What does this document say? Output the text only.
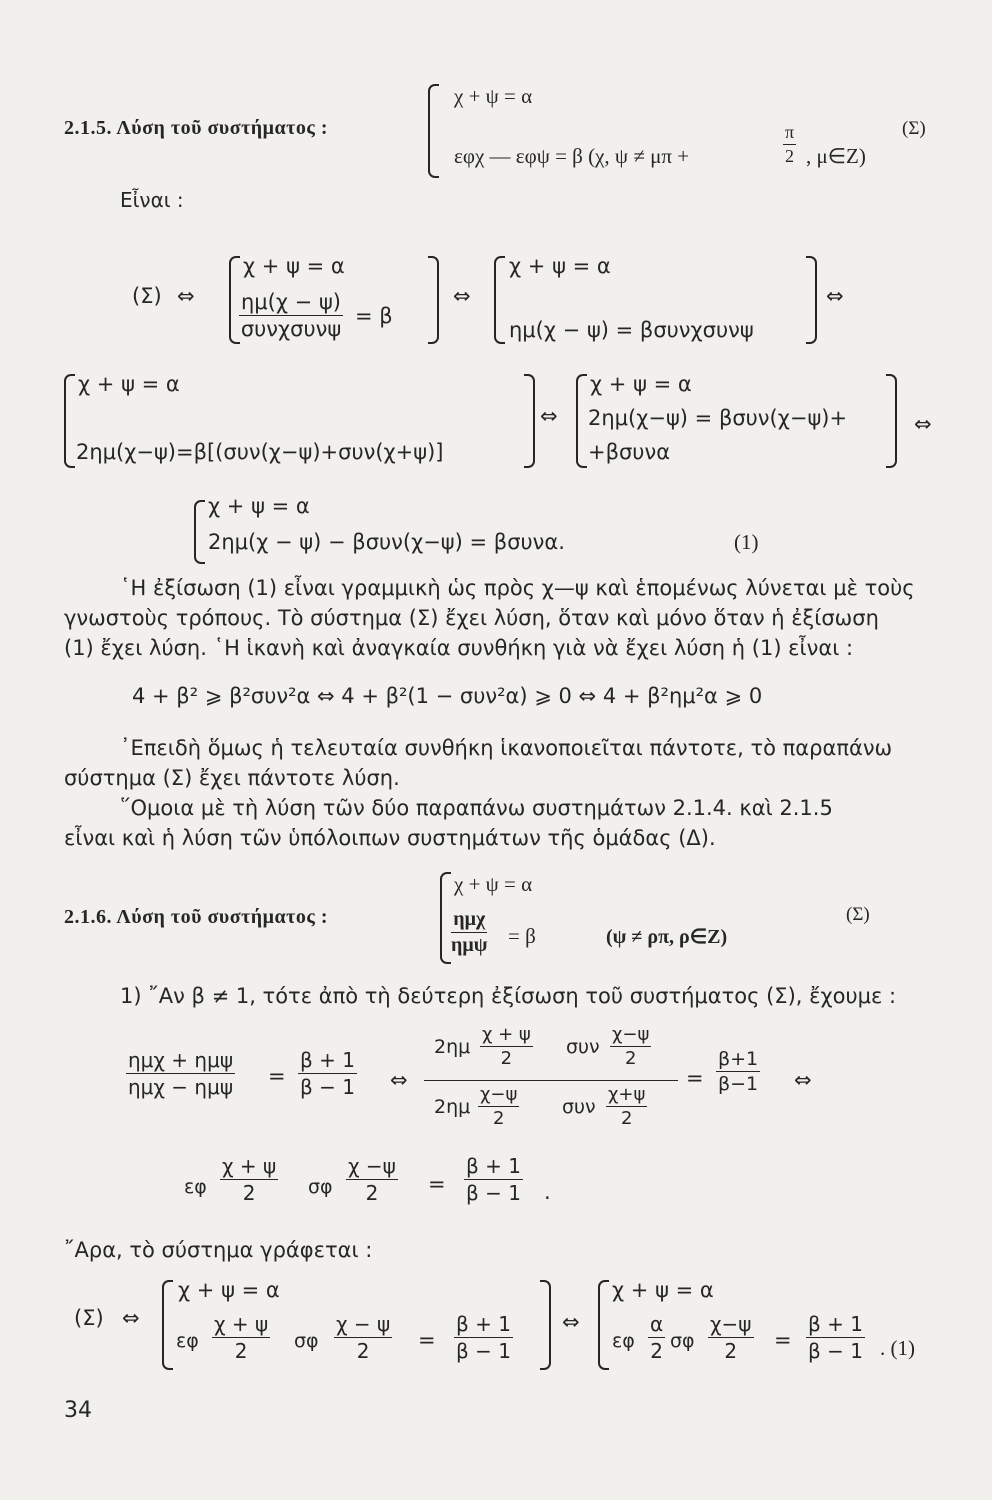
2.1.5. Λύση τοῦ συστήματος :
χ + ψ = α
εφχ — εφψ = β (χ, ψ ≠ μπ +	$\frac{\pi}{2}$ , μ∈Z)
(Σ)
Εἶναι :
(Σ) ⇔
χ + ψ = α
ημ(χ − ψ)
συνχσυνψ
= β
⇔
χ + ψ = α
ημ(χ − ψ) = βσυνχσυνψ
⇔
χ + ψ = α
2ημ(χ−ψ)=β[(συν(χ−ψ)+συν(χ+ψ)]
⇔
χ + ψ = α
2ημ(χ−ψ) = βσυν(χ−ψ)+
+βσυνα
⇔
χ + ψ = α
2ημ(χ − ψ) − βσυν(χ−ψ) = βσυνα.	(1)
῾Η ἐξίσωση (1) εἶναι γραμμικὴ ὡς πρὸς χ—ψ καὶ ἑπομένως λύνεται μὲ τοὺς
γνωστοὺς τρόπους. Τὸ σύστημα (Σ) ἔχει λύση, ὅταν καὶ μόνο ὅταν ἡ ἐξίσωση
(1) ἔχει λύση. ῾Η ἱκανὴ καὶ ἀναγκαία συνθήκη γιὰ νὰ ἔχει λύση ἡ (1) εἶναι :
4 + β² ⩾ β²συν²α ⇔ 4 + β²(1 − συν²α) ⩾ 0 ⇔ 4 + β²ημ²α ⩾ 0
᾿Επειδὴ ὅμως ἡ τελευταία συνθήκη ἱκανοποιεῖται πάντοτε, τὸ παραπάνω
σύστημα (Σ) ἔχει πάντοτε λύση.
῞Ομοια μὲ τὴ λύση τῶν δύο παραπάνω συστημάτων 2.1.4. καὶ 2.1.5
εἶναι καὶ ἡ λύση τῶν ὑπόλοιπων συστημάτων τῆς ὁμάδας (Δ).
2.1.6. Λύση τοῦ συστήματος :
χ + ψ = α
ημχ
ημψ = β	(ψ ≠ ρπ, ρ∈Z)
(Σ)
1) ῎Αν β ≠ 1, τότε ἀπὸ τὴ δεύτερη ἐξίσωση τοῦ συστήματος (Σ), ἔχουμε :
ημχ + ημψ
$\eta\mu\chi - \eta\mu\psi = \frac{\beta + 1}{\beta - 1}$ ⇔
$2\eta\mu \frac{\chi + \psi}{2}$ συν $\frac{\chi-\psi}{2}$
$2\eta\mu \frac{\chi-\psi}{2}$ συν $\frac{\chi+\psi}{2}$
= $\frac{\beta+1}{\beta-1}$ ⇔
εφ $\frac{\chi + \psi}{2}$ σφ $\frac{\chi -\psi}{2} = \frac{\beta + 1}{\beta - 1}$ .
῎Αρα, τὸ σύστημα γράφεται :
(Σ) ⇔
χ + ψ = α
εφ $\frac{\chi + \psi}{2}$ σφ $\frac{\chi - \psi}{2} = \frac{\beta + 1}{\beta - 1}$ ⇔
χ + ψ = α
εφ $\frac{\alpha}{2}$ σφ $\frac{\chi-\psi}{2} = \frac{\beta + 1}{\beta - 1}$ . (1)
34
